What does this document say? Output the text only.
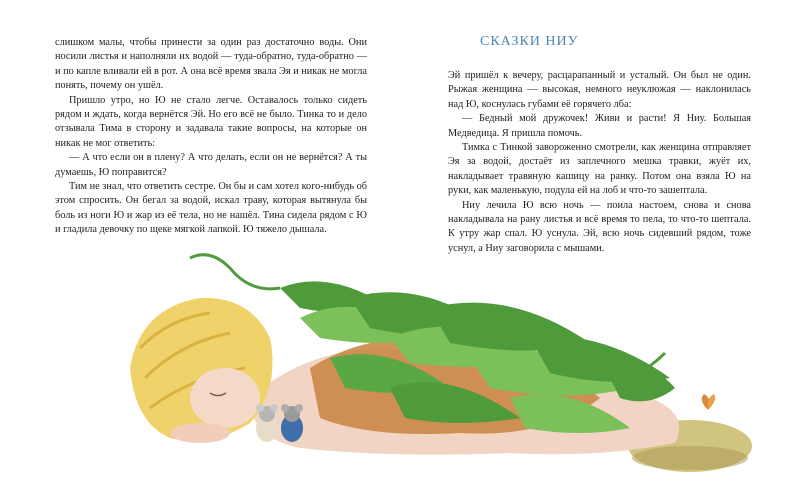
слишком малы, чтобы принести за один раз достаточно воды. Они носили листья и наполняли их водой — туда-обратно, туда-обратно — и по капле вливали ей в рот. А она всё время звала Эя и никак не могла понять, почему он ушёл.

Пришло утро, но Ю не стало легче. Оставалось только сидеть рядом и ждать, когда вернётся Эй. Но его всё не было. Тинка то и дело отзывала Тима в сторону и задавала такие вопросы, на которые он никак не мог ответить:

— А что если он в плену? А что делать, если он не вернётся? А ты думаешь, Ю поправится?

Тим не знал, что ответить сестре. Он бы и сам хотел кого-нибудь об этом спросить. Он бегал за водой, искал траву, которая вытянула бы боль из ноги Ю и жар из её тела, но не нашёл. Тина сидела рядом с Ю и гладила девочку по щеке мягкой лапкой. Ю тяжело дышала.

Эй пришёл к вечеру, расцарапанный и усталый. Он был не один. Рыжая женщина — высокая, немного неуклюжая — наклонилась над Ю, коснулась губами её горячего лба:

— Бедный мой дружочек! Живи и расти! Я Ниу. Большая Медведица. Я пришла помочь.

Тимка с Тинкой завороженно смотрели, как женщина отправляет Эя за водой, достаёт из заплечного мешка травки, жуёт их, накладывает травяную кашицу на ранку. Потом она взяла Ю на руки, как маленькую, подула ей на лоб и что-то зашептала.

Ниу лечила Ю всю ночь — поила настоем, снова и снова накладывала на рану листья и всё время то пела, то что-то шептала. К утру жар спал. Ю уснула. Эй, всю ночь сидевший рядом, тоже уснул, а Ниу заговорила с мышами.

СКАЗКИ НИУ
